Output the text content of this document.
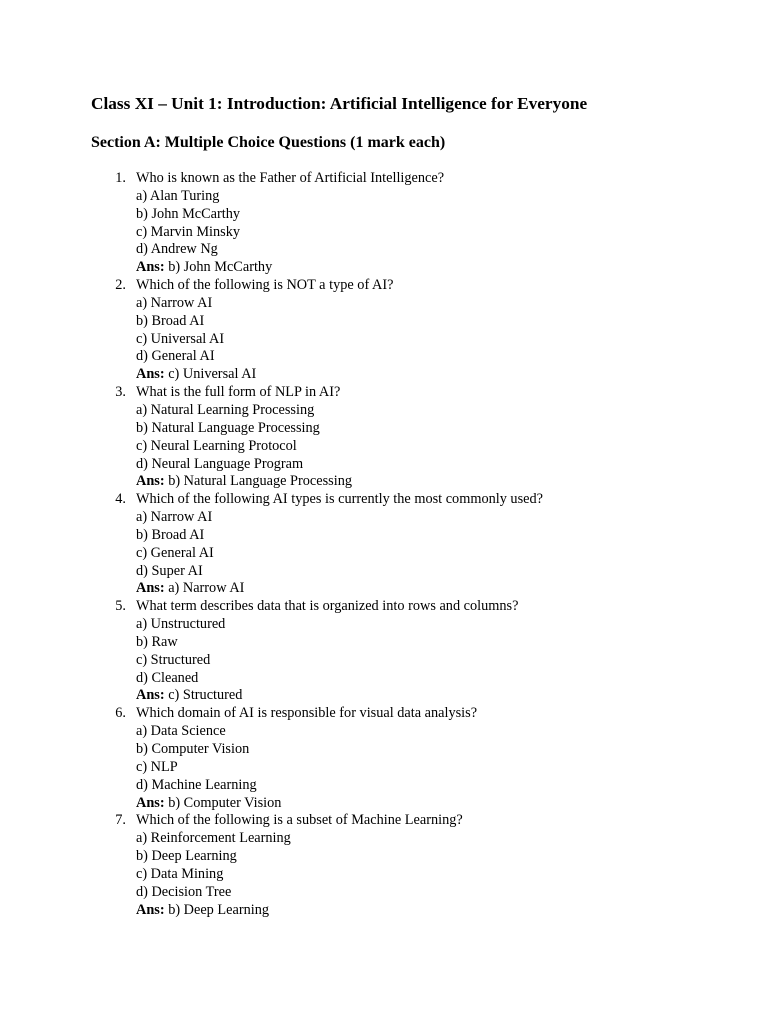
Class XI – Unit 1: Introduction: Artificial Intelligence for Everyone
Section A: Multiple Choice Questions (1 mark each)
1. Who is known as the Father of Artificial Intelligence?
a) Alan Turing
b) John McCarthy
c) Marvin Minsky
d) Andrew Ng
Ans: b) John McCarthy
2. Which of the following is NOT a type of AI?
a) Narrow AI
b) Broad AI
c) Universal AI
d) General AI
Ans: c) Universal AI
3. What is the full form of NLP in AI?
a) Natural Learning Processing
b) Natural Language Processing
c) Neural Learning Protocol
d) Neural Language Program
Ans: b) Natural Language Processing
4. Which of the following AI types is currently the most commonly used?
a) Narrow AI
b) Broad AI
c) General AI
d) Super AI
Ans: a) Narrow AI
5. What term describes data that is organized into rows and columns?
a) Unstructured
b) Raw
c) Structured
d) Cleaned
Ans: c) Structured
6. Which domain of AI is responsible for visual data analysis?
a) Data Science
b) Computer Vision
c) NLP
d) Machine Learning
Ans: b) Computer Vision
7. Which of the following is a subset of Machine Learning?
a) Reinforcement Learning
b) Deep Learning
c) Data Mining
d) Decision Tree
Ans: b) Deep Learning
